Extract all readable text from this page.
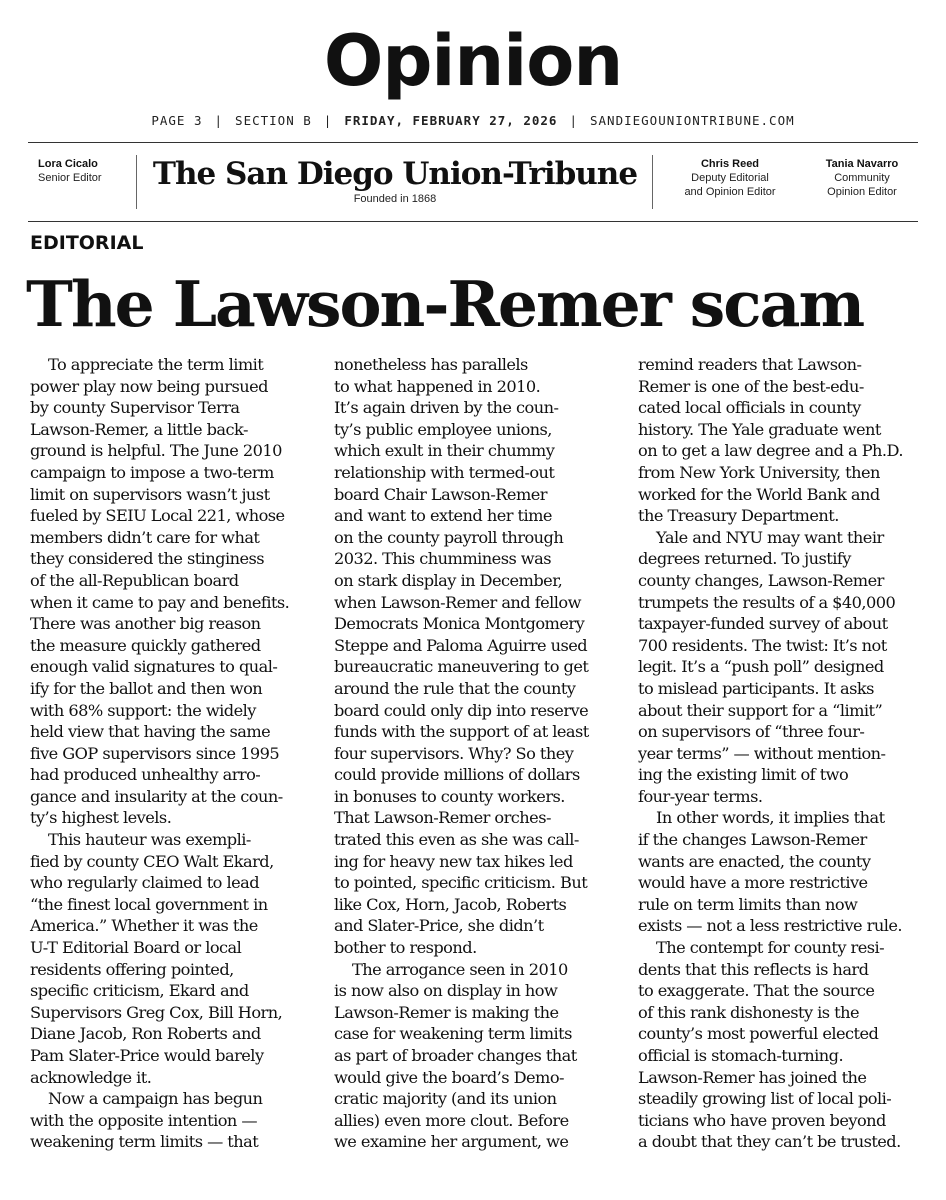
Opinion
PAGE 3 | SECTION B | FRIDAY, FEBRUARY 27, 2026 | SANDIEGOUNIONTRIBUNE.COM
Lora Cicalo
Senior Editor The San Diego Union-Tribune
Founded in 1868
Chris Reed
Deputy Editorial
and Opinion Editor
Tania Navarro
Community
Opinion Editor
EDITORIAL
The Lawson-Remer scam

To appreciate the term limit
power play now being pursued
by county Supervisor Terra
Lawson-Remer, a little back-
ground is helpful. The June 2010
campaign to impose a two-term
limit on supervisors wasn’t just
fueled by SEIU Local 221, whose
members didn’t care for what
they considered the stinginess
of the all-Republican board
when it came to pay and benefits.
There was another big reason
the measure quickly gathered
enough valid signatures to qual-
ify for the ballot and then won
with 68% support: the widely
held view that having the same
five GOP supervisors since 1995
had produced unhealthy arro-
gance and insularity at the coun-
ty’s highest levels.

This hauteur was exempli-
fied by county CEO Walt Ekard,
who regularly claimed to lead
“the finest local government in
America.” Whether it was the
U-T Editorial Board or local
residents offering pointed,
specific criticism, Ekard and
Supervisors Greg Cox, Bill Horn,
Diane Jacob, Ron Roberts and
Pam Slater-Price would barely
acknowledge it.

Now a campaign has begun
with the opposite intention —
weakening term limits — that

nonetheless has parallels
to what happened in 2010.
It’s again driven by the coun-
ty’s public employee unions,
which exult in their chummy
relationship with termed-out
board Chair Lawson-Remer
and want to extend her time
on the county payroll through
2032. This chumminess was
on stark display in December,
when Lawson-Remer and fellow
Democrats Monica Montgomery
Steppe and Paloma Aguirre used
bureaucratic maneuvering to get
around the rule that the county
board could only dip into reserve
funds with the support of at least
four supervisors. Why? So they
could provide millions of dollars
in bonuses to county workers.
That Lawson-Remer orches-
trated this even as she was call-
ing for heavy new tax hikes led
to pointed, specific criticism. But
like Cox, Horn, Jacob, Roberts
and Slater-Price, she didn’t
bother to respond.

The arrogance seen in 2010
is now also on display in how
Lawson-Remer is making the
case for weakening term limits
as part of broader changes that
would give the board’s Demo-
cratic majority (and its union
allies) even more clout. Before
we examine her argument, we

remind readers that Lawson-
Remer is one of the best-edu-
cated local officials in county
history. The Yale graduate went
on to get a law degree and a Ph.D.
from New York University, then
worked for the World Bank and
the Treasury Department.

Yale and NYU may want their
degrees returned. To justify
county changes, Lawson-Remer
trumpets the results of a $40,000
taxpayer-funded survey of about
700 residents. The twist: It’s not
legit. It’s a “push poll” designed
to mislead participants. It asks
about their support for a “limit”
on supervisors of “three four-
year terms” — without mention-
ing the existing limit of two
four-year terms.

In other words, it implies that
if the changes Lawson-Remer
wants are enacted, the county
would have a more restrictive
rule on term limits than now
exists — not a less restrictive rule.

The contempt for county resi-
dents that this reflects is hard
to exaggerate. That the source
of this rank dishonesty is the
county’s most powerful elected
official is stomach-turning.
Lawson-Remer has joined the
steadily growing list of local poli-
ticians who have proven beyond
a doubt that they can’t be trusted.
